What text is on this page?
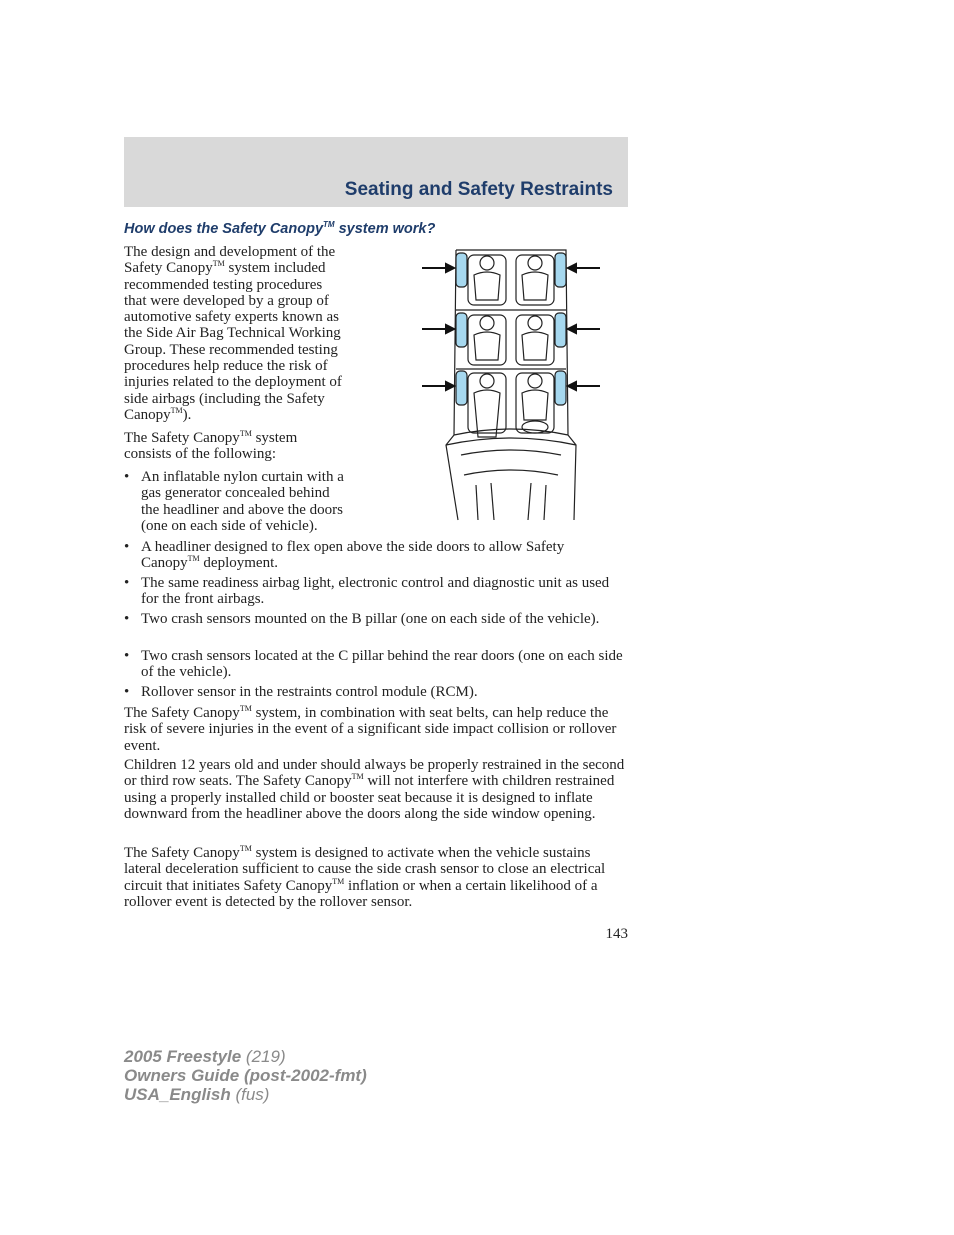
Seating and Safety Restraints
How does the Safety Canopy™ system work?
The design and development of the
Safety Canopy™ system included
recommended testing procedures
that were developed by a group of
automotive safety experts known as
the Side Air Bag Technical Working
Group. These recommended testing
procedures help reduce the risk of
injuries related to the deployment of
side airbags (including the Safety
Canopy™).
The Safety Canopy™ system
consists of the following:
• An inflatable nylon curtain with a
gas generator concealed behind
the headliner and above the doors
(one on each side of vehicle).
• A headliner designed to flex open above the side doors to allow Safety
Canopy™ deployment.
• The same readiness airbag light, electronic control and diagnostic unit as used for the front airbags.
• Two crash sensors mounted on the B pillar (one on each side of the vehicle).
• Two crash sensors located at the C pillar behind the rear doors (one on each side of the vehicle).
• Rollover sensor in the restraints control module (RCM).
The Safety Canopy™ system, in combination with seat belts, can help reduce the risk of severe injuries in the event of a significant side impact collision or rollover event.
Children 12 years old and under should always be properly restrained in the second or third row seats. The Safety Canopy™ will not interfere with children restrained using a properly installed child or booster seat because it is designed to inflate downward from the headliner above the doors along the side window opening.
The Safety Canopy™ system is designed to activate when the vehicle sustains lateral deceleration sufficient to cause the side crash sensor to close an electrical circuit that initiates Safety Canopy™ inflation or when a certain likelihood of a rollover event is detected by the rollover sensor.
143
2005 Freestyle (219)
Owners Guide (post-2002-fmt)
USA_English (fus)
